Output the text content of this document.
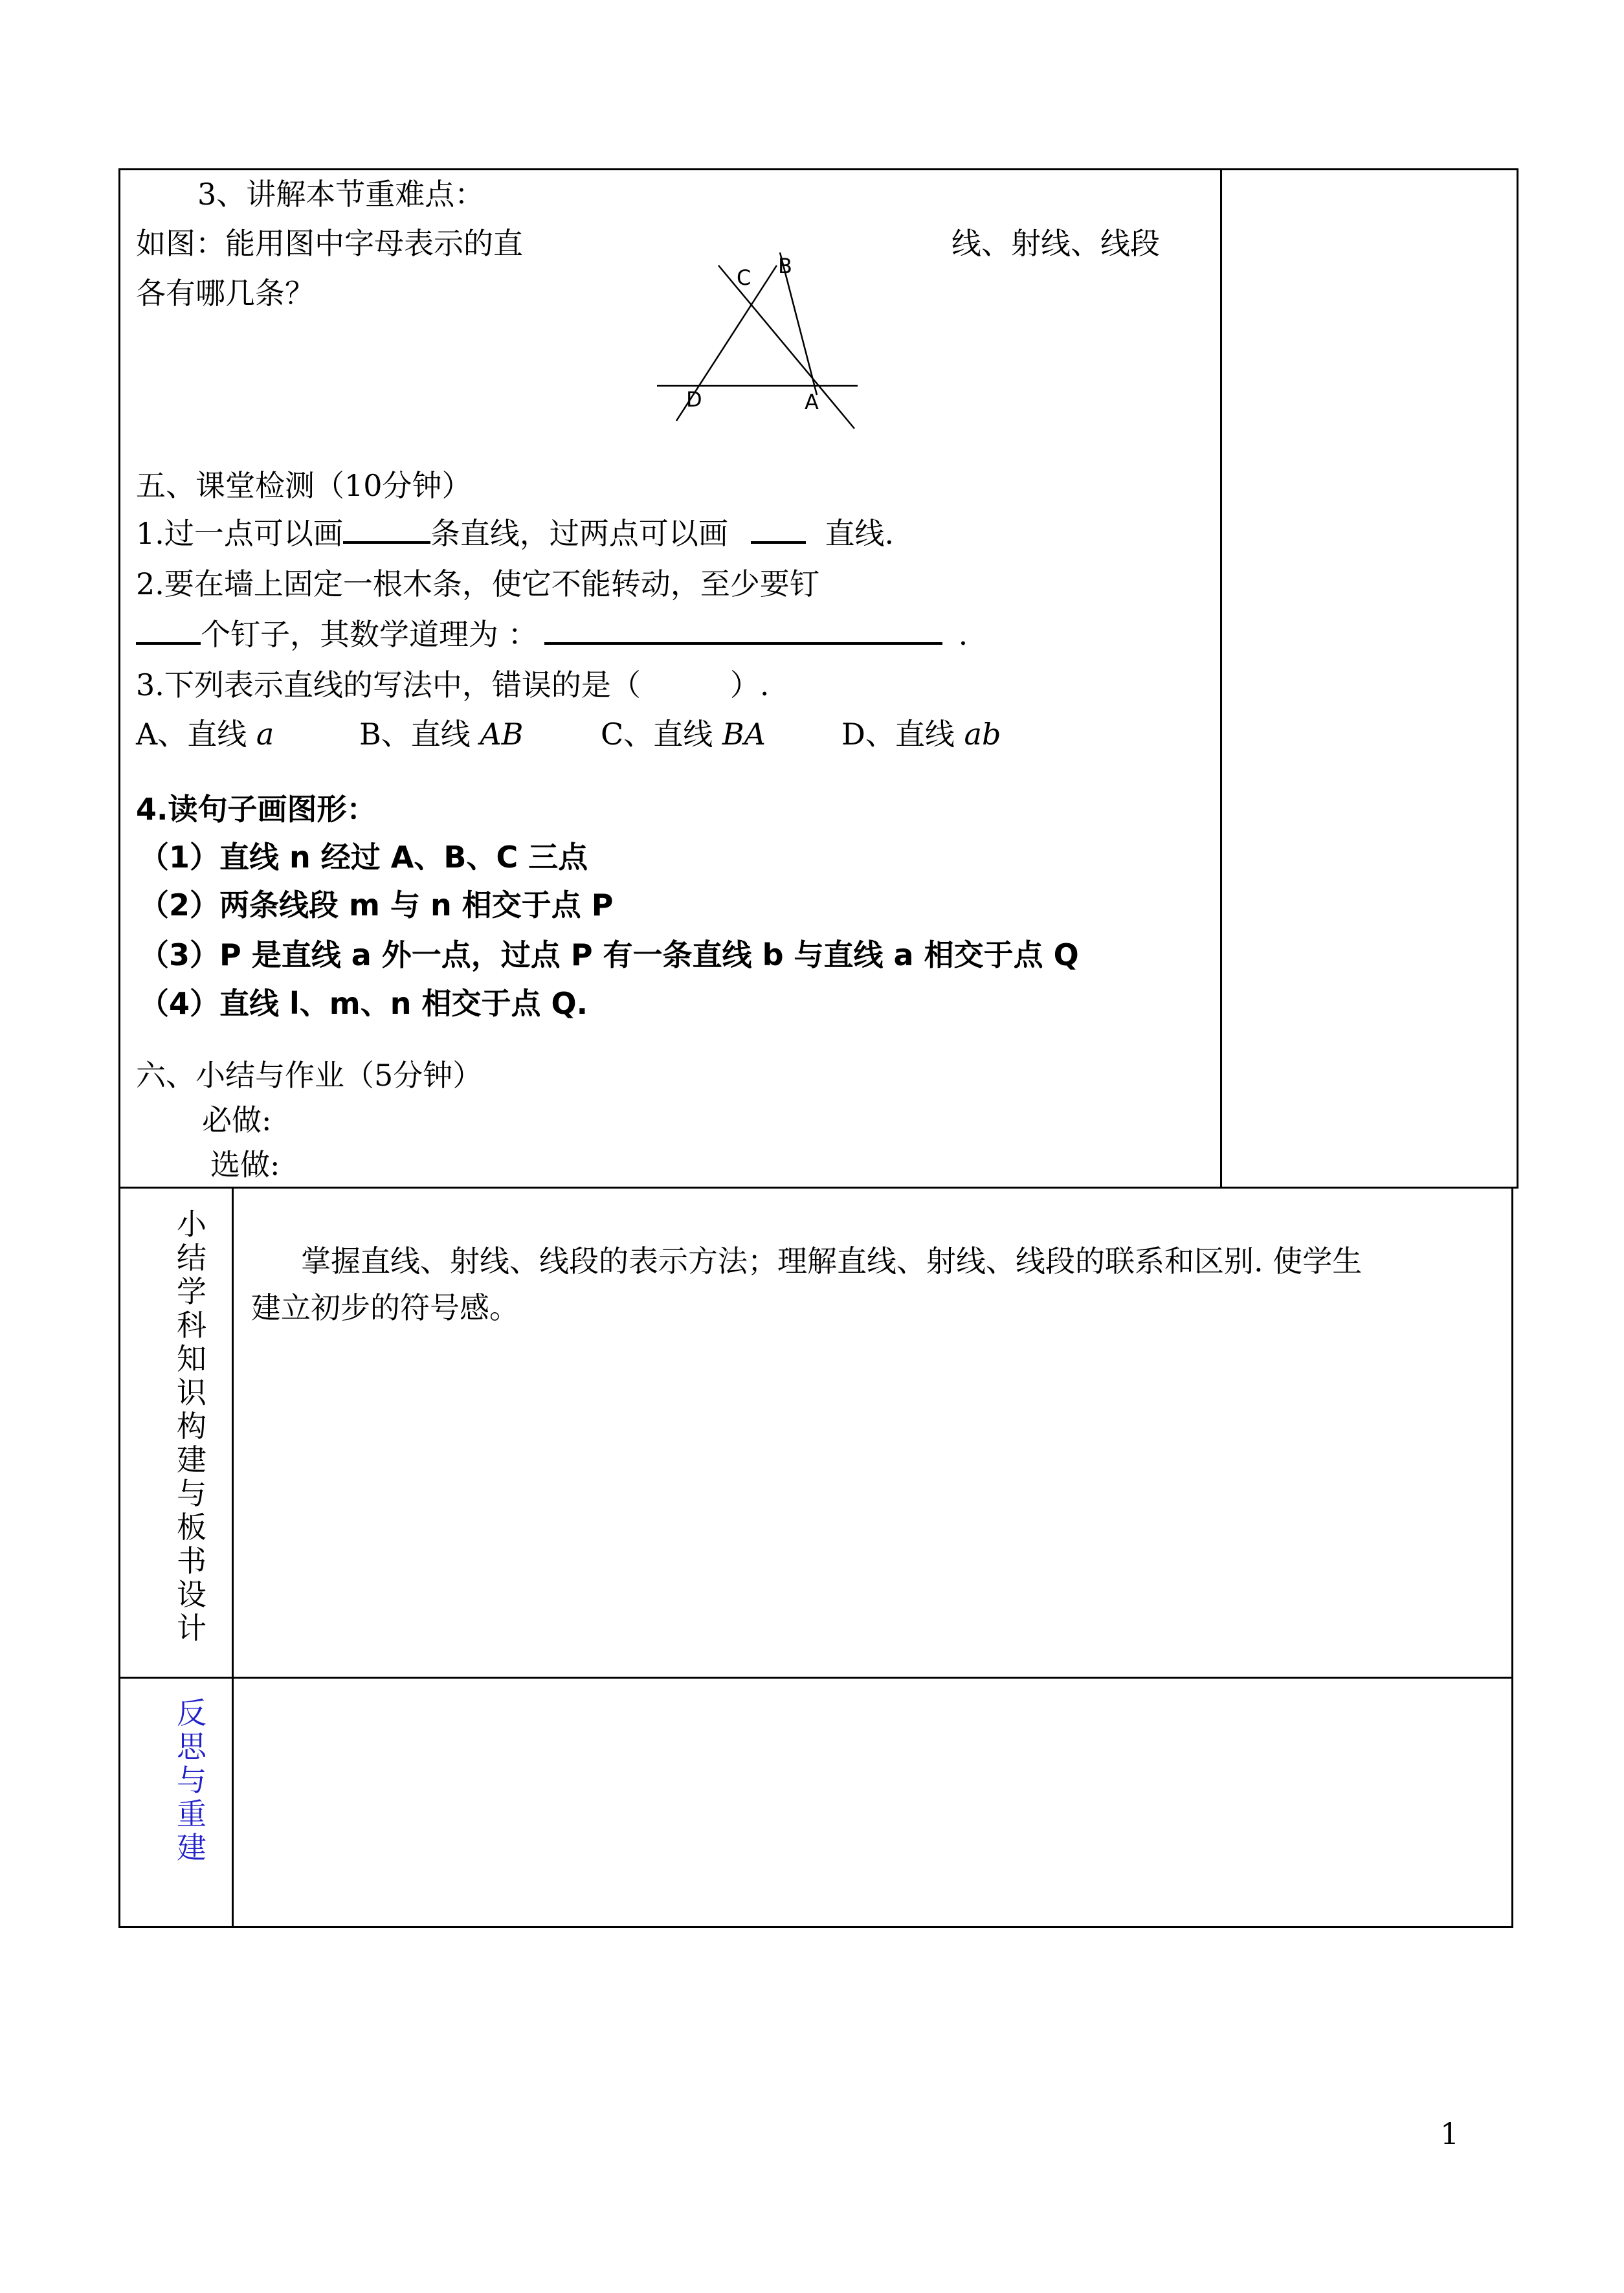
3、讲解本节重难点：
如图：能用图中字母表示的直	线、射线、线段
各有哪几条？	C B
D	A
五、课堂检测（10分钟）
1.过一点可以画	条直线，过两点可以画	直线.
2.要在墙上固定一根木条，使它不能转动，至少要钉
个钉子，其数学道理为 ：	.
3.下列表示直线的写法中，错误的是（　　　）.
A、直线 a	B、直线 AB	C、直线 BA	D、直线 ab
4.读句子画图形：
（1）直线 n 经过 A、B、C 三点
（2）两条线段 m 与 n 相交于点 P
（3）P 是直线 a 外一点，过点 P 有一条直线 b 与直线 a 相交于点 Q
（4）直线 l、m、n 相交于点 Q.
六、小结与作业（5分钟）
必做:
选做:
小结学科知识构建与板书设计
掌握直线、射线、线段的表示方法；理解直线、射线、线段的联系和区别. 使学生
建立初步的符号感。
反思与重建
1
